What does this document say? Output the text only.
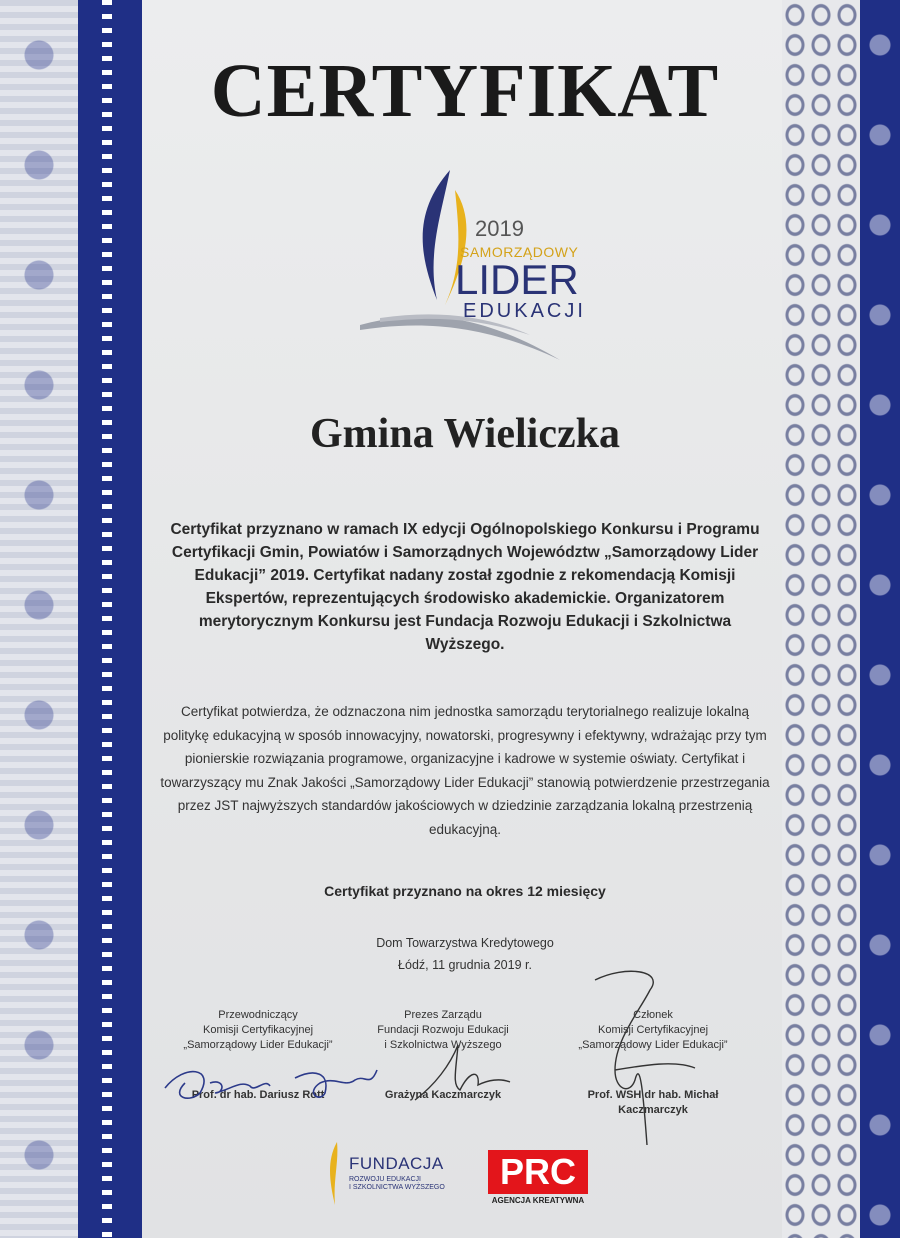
CERTYFIKAT
2019
SAMORZĄDOWY
LIDER
EDUKACJI
Gmina Wieliczka

Certyfikat przyznano w ramach IX edycji Ogólnopolskiego Konkursu i Programu Certyfikacji Gmin, Powiatów i Samorządnych Województw „Samorządowy Lider Edukacji” 2019. Certyfikat nadany został zgodnie z rekomendacją Komisji Ekspertów, reprezentujących środowisko akademickie. Organizatorem merytorycznym Konkursu jest Fundacja Rozwoju Edukacji i Szkolnictwa Wyższego.

Certyfikat potwierdza, że odznaczona nim jednostka samorządu terytorialnego realizuje lokalną politykę edukacyjną w sposób innowacyjny, nowatorski, progresywny i efektywny, wdrażając przy tym pionierskie rozwiązania programowe, organizacyjne i kadrowe w systemie oświaty. Certyfikat i towarzyszący mu Znak Jakości „Samorządowy Lider Edukacji” stanowią potwierdzenie przestrzegania przez JST najwyższych standardów jakościowych w dziedzinie zarządzania lokalną przestrzenią edukacyjną.

Certyfikat przyznano na okres 12 miesięcy

Dom Towarzystwa Kredytowego
Łódź, 11 grudnia 2019 r.
Przewodniczący
Komisji Certyfikacyjnej
„Samorządowy Lider Edukacji”
Prof. dr hab. Dariusz Rott
Prezes Zarządu
Fundacji Rozwoju Edukacji
i Szkolnictwa Wyższego
Grażyna Kaczmarczyk
Członek
Komisji Certyfikacyjnej
„Samorządowy Lider Edukacji”
Prof. WSH dr hab. Michał Kaczmarczyk
FUNDACJA
ROZWOJU EDUKACJI
I SZKOLNICTWA WYŻSZEGO	PRC
AGENCJA KREATYWNA
